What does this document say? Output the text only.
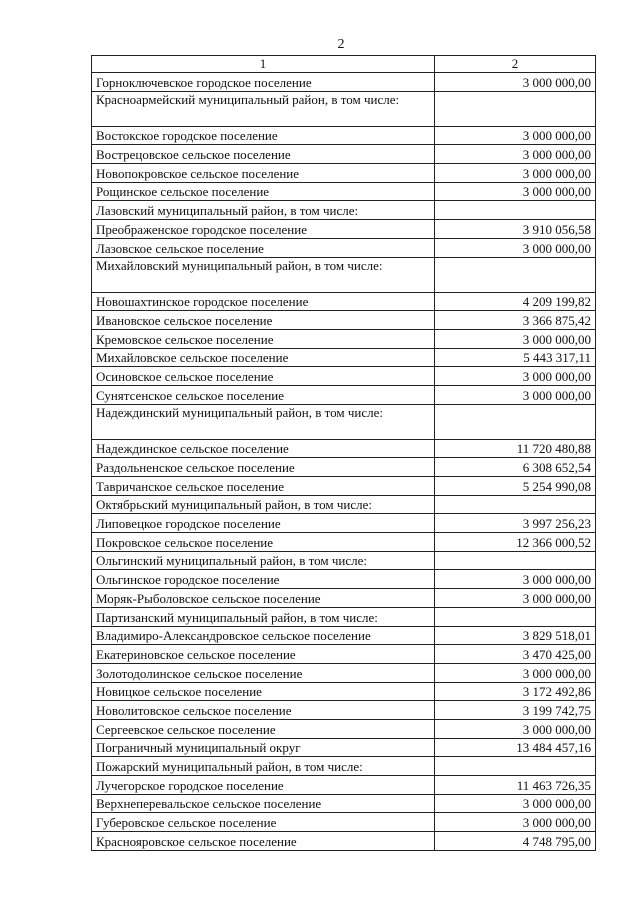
2
1	2
Горноключевское городское поселение	3 000 000,00
Красноармейский муниципальный район, в том числе:	
Востокское городское поселение	3 000 000,00
Вострецовское сельское поселение	3 000 000,00
Новопокровское сельское поселение	3 000 000,00
Рощинское сельское поселение	3 000 000,00
Лазовский муниципальный район, в том числе:	
Преображенское городское поселение	3 910 056,58
Лазовское сельское поселение	3 000 000,00
Михайловский муниципальный район, в том числе:	
Новошахтинское городское поселение	4 209 199,82
Ивановское сельское поселение	3 366 875,42
Кремовское сельское поселение	3 000 000,00
Михайловское сельское поселение	5 443 317,11
Осиновское сельское поселение	3 000 000,00
Сунятсенское сельское поселение	3 000 000,00
Надеждинский муниципальный район, в том числе:	
Надеждинское сельское поселение	11 720 480,88
Раздольненское сельское поселение	6 308 652,54
Тавричанское сельское поселение	5 254 990,08
Октябрьский муниципальный район, в том числе:	
Липовецкое городское поселение	3 997 256,23
Покровское сельское поселение	12 366 000,52
Ольгинский муниципальный район, в том числе:	
Ольгинское городское поселение	3 000 000,00
Моряк-Рыболовское сельское поселение	3 000 000,00
Партизанский муниципальный район, в том числе:	
Владимиро-Александровское сельское поселение	3 829 518,01
Екатериновское сельское поселение	3 470 425,00
Золотодолинское сельское поселение	3 000 000,00
Новицкое сельское поселение	3 172 492,86
Новолитовское сельское поселение	3 199 742,75
Сергеевское сельское поселение	3 000 000,00
Пограничный муниципальный округ	13 484 457,16
Пожарский муниципальный район, в том числе:	
Лучегорское городское поселение	11 463 726,35
Верхнеперевальское сельское поселение	3 000 000,00
Губеровское сельское поселение	3 000 000,00
Краснояровское сельское поселение	4 748 795,00
